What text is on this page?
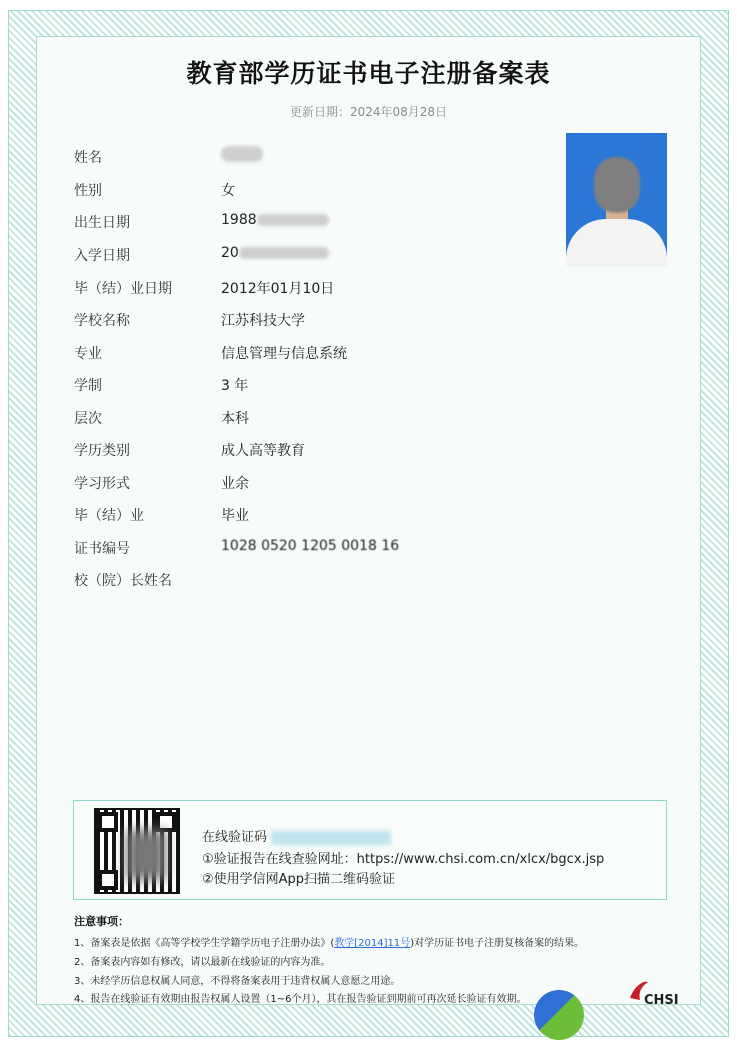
教育部学历证书电子注册备案表
更新日期：2024年08月28日
姓名
性别	女
出生日期	1988
入学日期	20
毕（结）业日期	2012年01月10日
学校名称	江苏科技大学
专业	信息管理与信息系统
学制	3 年
层次	本科
学历类别	成人高等教育
学习形式	业余
毕（结）业	毕业
证书编号	1028 0520 1205 0018 16
校（院）长姓名
在线验证码
①验证报告在线查验网址：https://www.chsi.com.cn/xlcx/bgcx.jsp
②使用学信网App扫描二维码验证
注意事项：
1、备案表是依据《高等学校学生学籍学历电子注册办法》(教学[2014]11号)对学历证书电子注册复核备案的结果。
2、备案表内容如有修改，请以最新在线验证的内容为准。
3、未经学历信息权属人同意，不得将备案表用于违背权属人意愿之用途。
4、报告在线验证有效期由报告权属人设置（1~6个月），其在报告验证到期前可再次延长验证有效期。	CHSI
